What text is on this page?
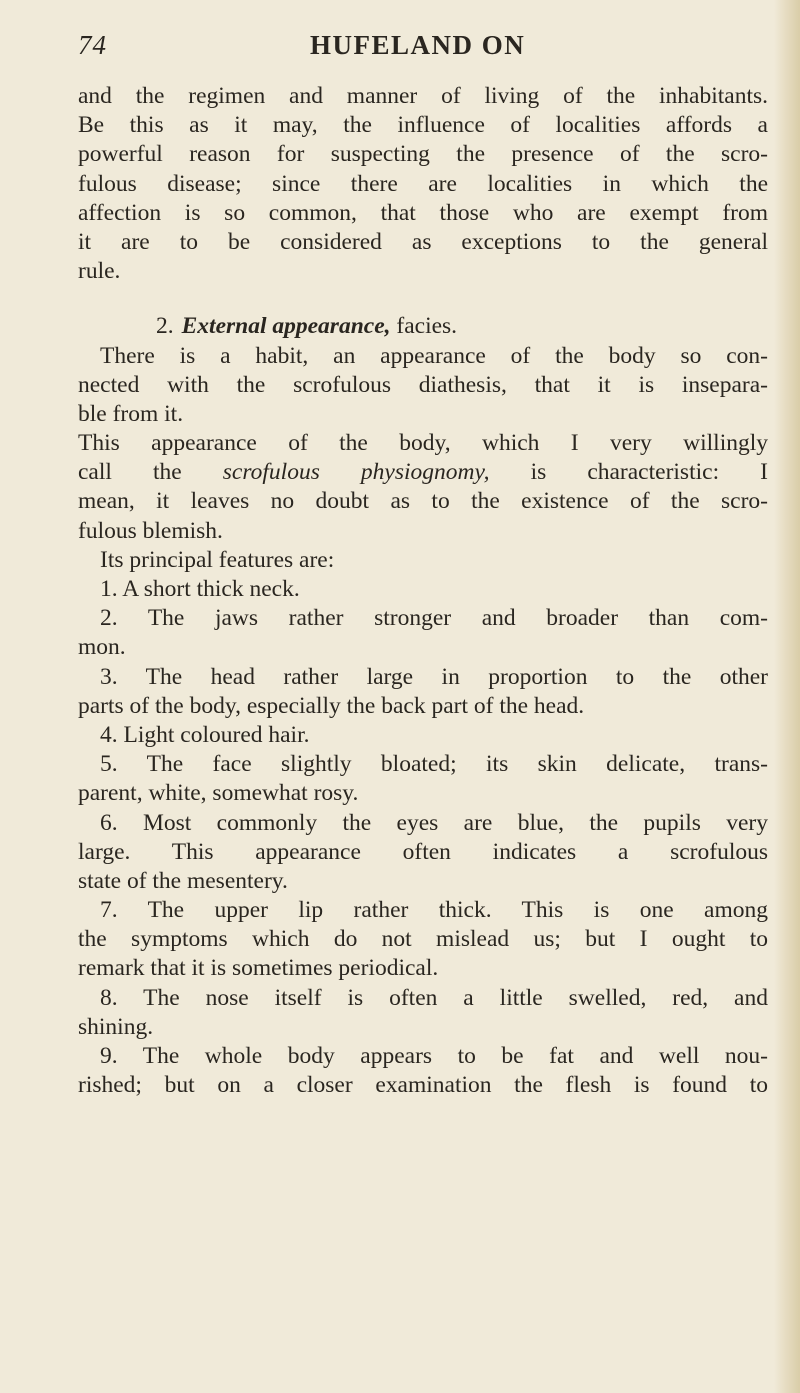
74	HUFELAND ON
and the regimen and manner of living of the inhabitants.
Be this as it may, the influence of localities affords a
powerful reason for suspecting the presence of the scro-
fulous disease; since there are localities in which the
affection is so common, that those who are exempt from
it are to be considered as exceptions to the general
rule.
2. External appearance, facies.
There is a habit, an appearance of the body so con-
nected with the scrofulous diathesis, that it is insepara-
ble from it.
This appearance of the body, which I very willingly
call the scrofulous physiognomy, is characteristic: I
mean, it leaves no doubt as to the existence of the scro-
fulous blemish.
Its principal features are:
1. A short thick neck.
2. The jaws rather stronger and broader than com-
mon.
3. The head rather large in proportion to the other
parts of the body, especially the back part of the head.
4. Light coloured hair.
5. The face slightly bloated; its skin delicate, trans-
parent, white, somewhat rosy.
6. Most commonly the eyes are blue, the pupils very
large. This appearance often indicates a scrofulous
state of the mesentery.
7. The upper lip rather thick. This is one among
the symptoms which do not mislead us; but I ought to
remark that it is sometimes periodical.
8. The nose itself is often a little swelled, red, and
shining.
9. The whole body appears to be fat and well nou-
rished; but on a closer examination the flesh is found to
